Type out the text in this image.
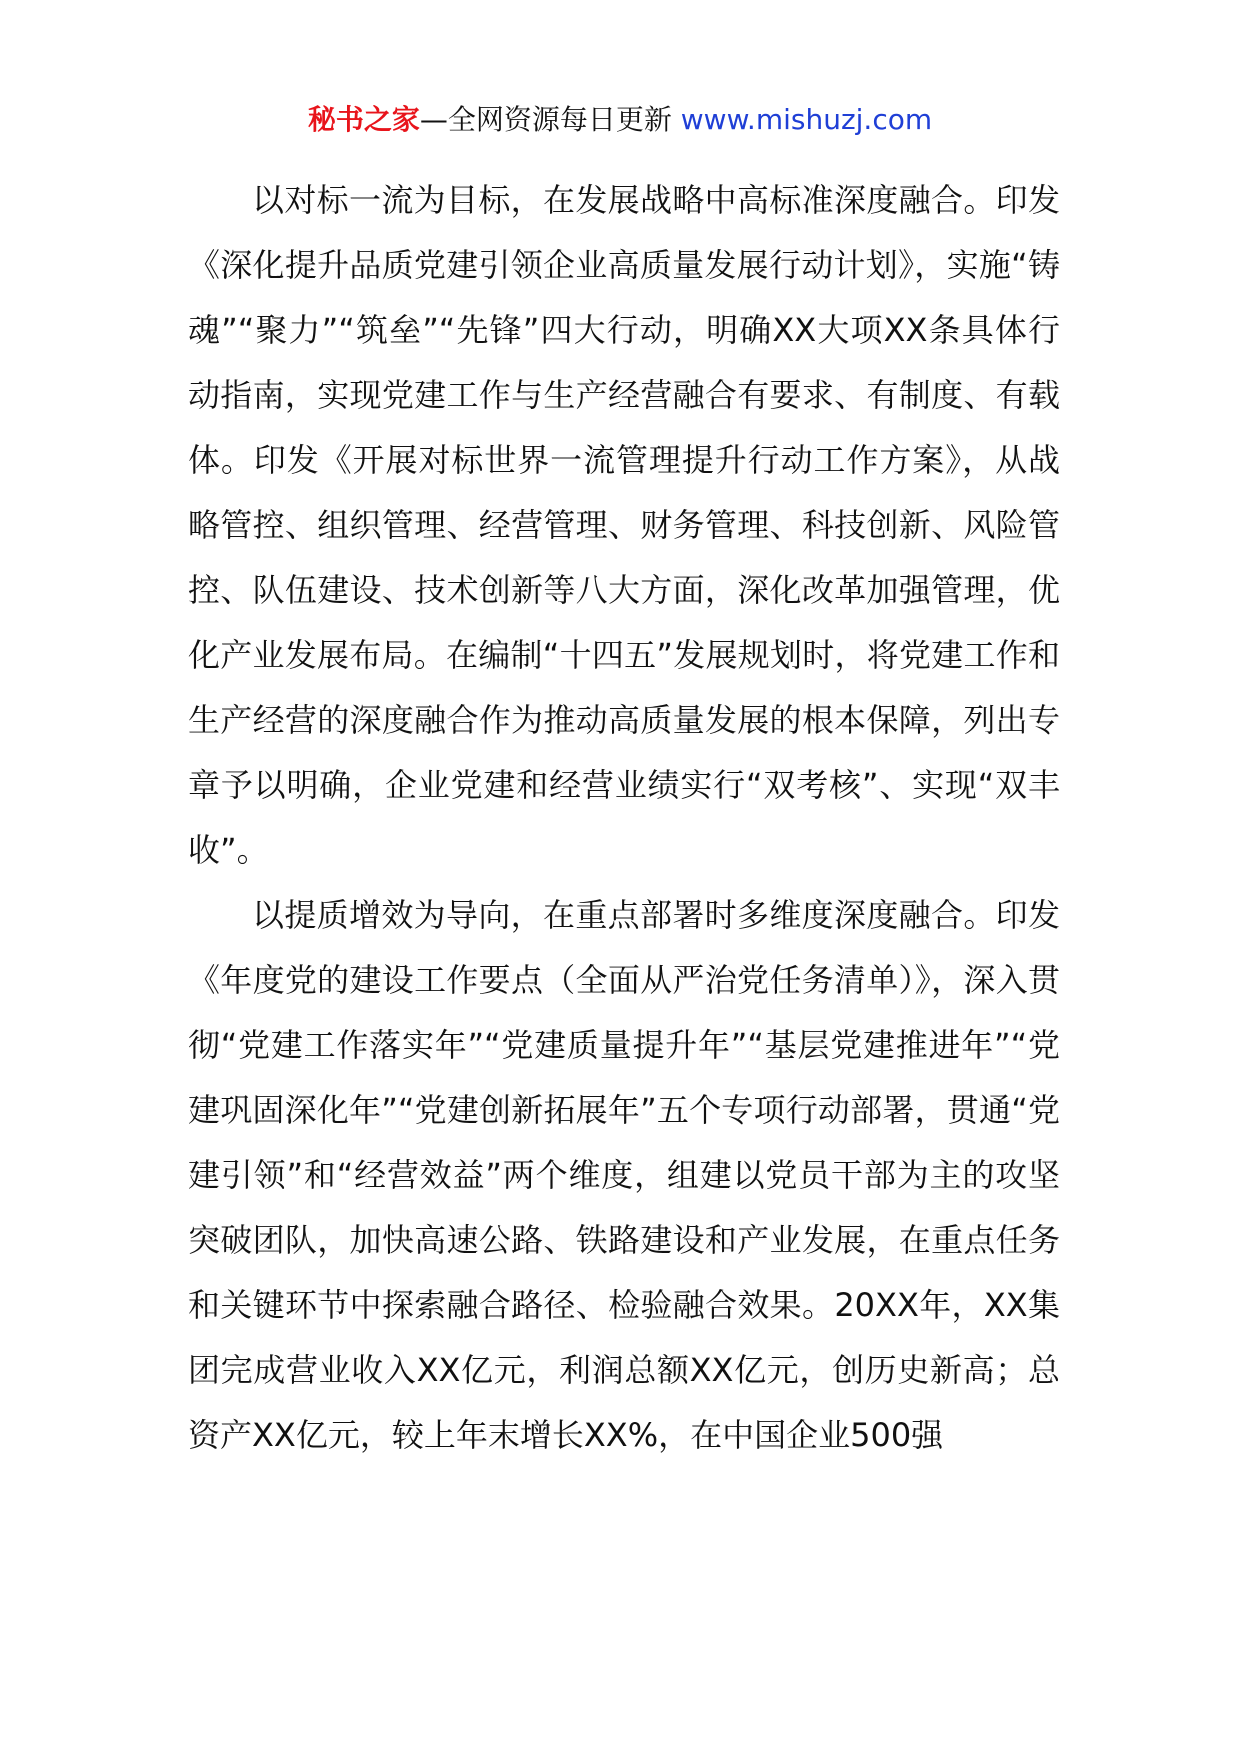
秘书之家—全网资源每日更新 www.mishuzj.com

以对标一流为目标，在发展战略中高标准深度融合。印发《深化提升品质党建引领企业高质量发展行动计划》，实施“铸魂”“聚力”“筑垒”“先锋”四大行动，明确XX大项XX条具体行动指南，实现党建工作与生产经营融合有要求、有制度、有载体。印发《开展对标世界一流管理提升行动工作方案》，从战略管控、组织管理、经营管理、财务管理、科技创新、风险管控、队伍建设、技术创新等八大方面，深化改革加强管理，优化产业发展布局。在编制“十四五”发展规划时，将党建工作和生产经营的深度融合作为推动高质量发展的根本保障，列出专章予以明确，企业党建和经营业绩实行“双考核”、实现“双丰收”。

以提质增效为导向，在重点部署时多维度深度融合。印发《年度党的建设工作要点（全面从严治党任务清单）》，深入贯彻“党建工作落实年”“党建质量提升年”“基层党建推进年”“党建巩固深化年”“党建创新拓展年”五个专项行动部署，贯通“党建引领”和“经营效益”两个维度，组建以党员干部为主的攻坚突破团队，加快高速公路、铁路建设和产业发展，在重点任务和关键环节中探索融合路径、检验融合效果。20XX年，XX集团完成营业收入XX亿元，利润总额XX亿元，创历史新高；总资产XX亿元，较上年末增长XX%，在中国企业500强
